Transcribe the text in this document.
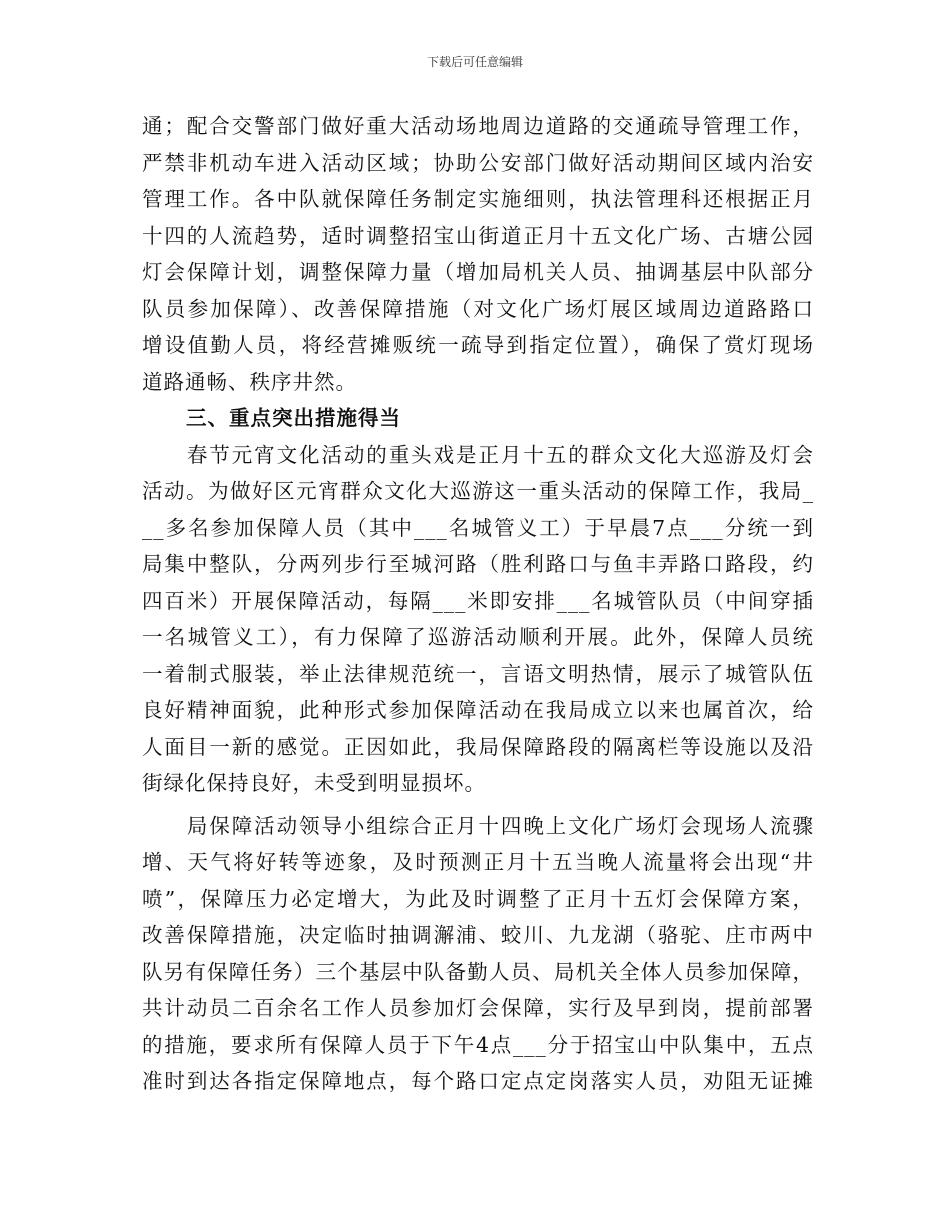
下载后可任意编辑
通；配合交警部门做好重大活动场地周边道路的交通疏导管理工作，
严禁非机动车进入活动区域；协助公安部门做好活动期间区域内治安
管理工作。各中队就保障任务制定实施细则，执法管理科还根据正月
十四的人流趋势，适时调整招宝山街道正月十五文化广场、古塘公园
灯会保障计划，调整保障力量（增加局机关人员、抽调基层中队部分
队员参加保障）、改善保障措施（对文化广场灯展区域周边道路路口
增设值勤人员，将经营摊贩统一疏导到指定位置），确保了赏灯现场
道路通畅、秩序井然。
三、重点突出措施得当
　　春节元宵文化活动的重头戏是正月十五的群众文化大巡游及灯会
活动。为做好区元宵群众文化大巡游这一重头活动的保障工作，我局_
__多名参加保障人员（其中___名城管义工）于早晨7点___分统一到
局集中整队，分两列步行至城河路（胜利路口与鱼丰弄路口路段，约
四百米）开展保障活动，每隔___米即安排___名城管队员（中间穿插
一名城管义工），有力保障了巡游活动顺利开展。此外，保障人员统
一着制式服装，举止法律规范统一，言语文明热情，展示了城管队伍
良好精神面貌，此种形式参加保障活动在我局成立以来也属首次，给
人面目一新的感觉。正因如此，我局保障路段的隔离栏等设施以及沿
街绿化保持良好，未受到明显损坏。
　　局保障活动领导小组综合正月十四晚上文化广场灯会现场人流骤
增、天气将好转等迹象，及时预测正月十五当晚人流量将会出现“井
喷”，保障压力必定增大，为此及时调整了正月十五灯会保障方案，
改善保障措施，决定临时抽调澥浦、蛟川、九龙湖（骆驼、庄市两中
队另有保障任务）三个基层中队备勤人员、局机关全体人员参加保障，
共计动员二百余名工作人员参加灯会保障，实行及早到岗，提前部署
的措施，要求所有保障人员于下午4点___分于招宝山中队集中，五点
准时到达各指定保障地点，每个路口定点定岗落实人员，劝阻无证摊
